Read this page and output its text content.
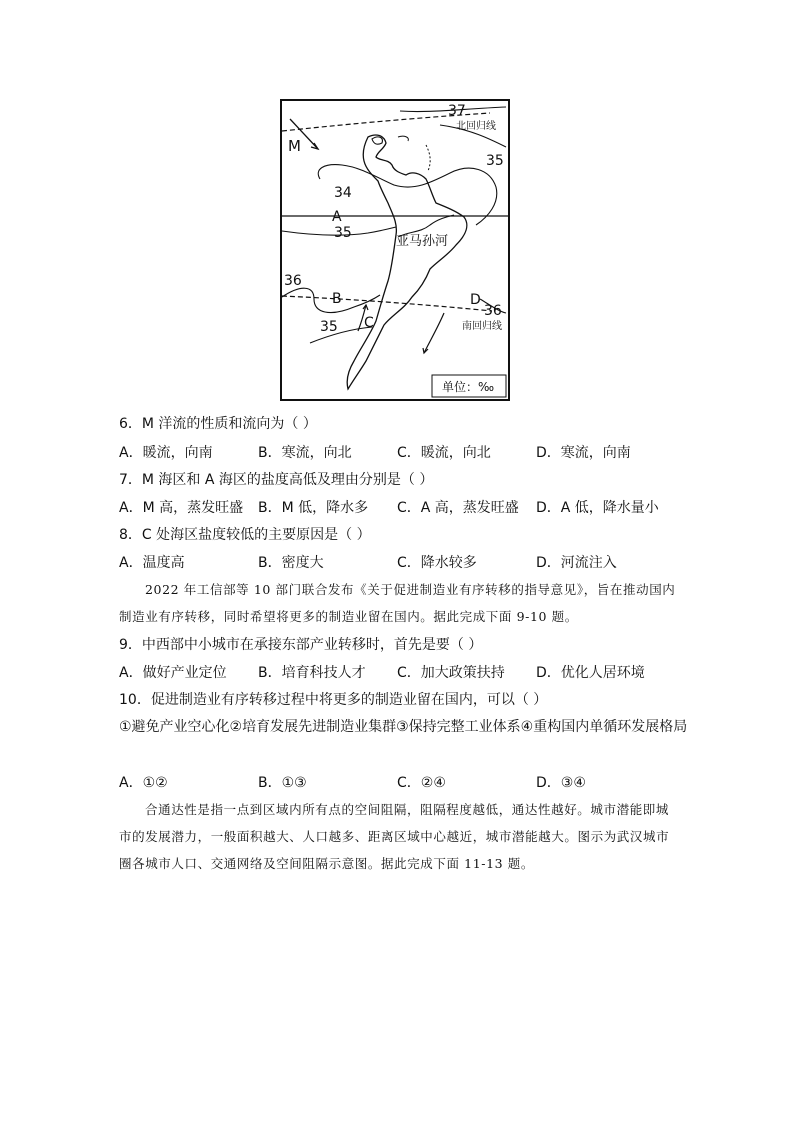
M
A
B
C
D
37
35
34
35
36
35
36
北回归线
南回归线
亚马孙河
单位：‰
6．M 洋流的性质和流向为（ ）
A．暖流，向南	B．寒流，向北	C．暖流，向北	D．寒流，向南
7．M 海区和 A 海区的盐度高低及理由分别是（ ）
A．M 高，蒸发旺盛 B．M 低，降水多 C．A 高，蒸发旺盛 D．A 低，降水量小
8．C 处海区盐度较低的主要原因是（ ）
A．温度高	B．密度大	C．降水较多	D．河流注入
2022 年工信部等 10 部门联合发布《关于促进制造业有序转移的指导意见》，旨在推动国内制造业有序转移，同时希望将更多的制造业留在国内。据此完成下面 9-10 题。
9．中西部中小城市在承接东部产业转移时，首先是要（ ）
A．做好产业定位 B．培育科技人才 C．加大政策扶持 D．优化人居环境
10．促进制造业有序转移过程中将更多的制造业留在国内，可以（ ）
①避免产业空心化②培育发展先进制造业集群③保持完整工业体系④重构国内单循环发展格局
A．①②	B．①③	C．②④	D．③④
合通达性是指一点到区域内所有点的空间阻隔，阻隔程度越低，通达性越好。城市潜能即城市的发展潜力，一般面积越大、人口越多、距离区域中心越近，城市潜能越大。图示为武汉城市圈各城市人口、交通网络及空间阻隔示意图。据此完成下面 11-13 题。
